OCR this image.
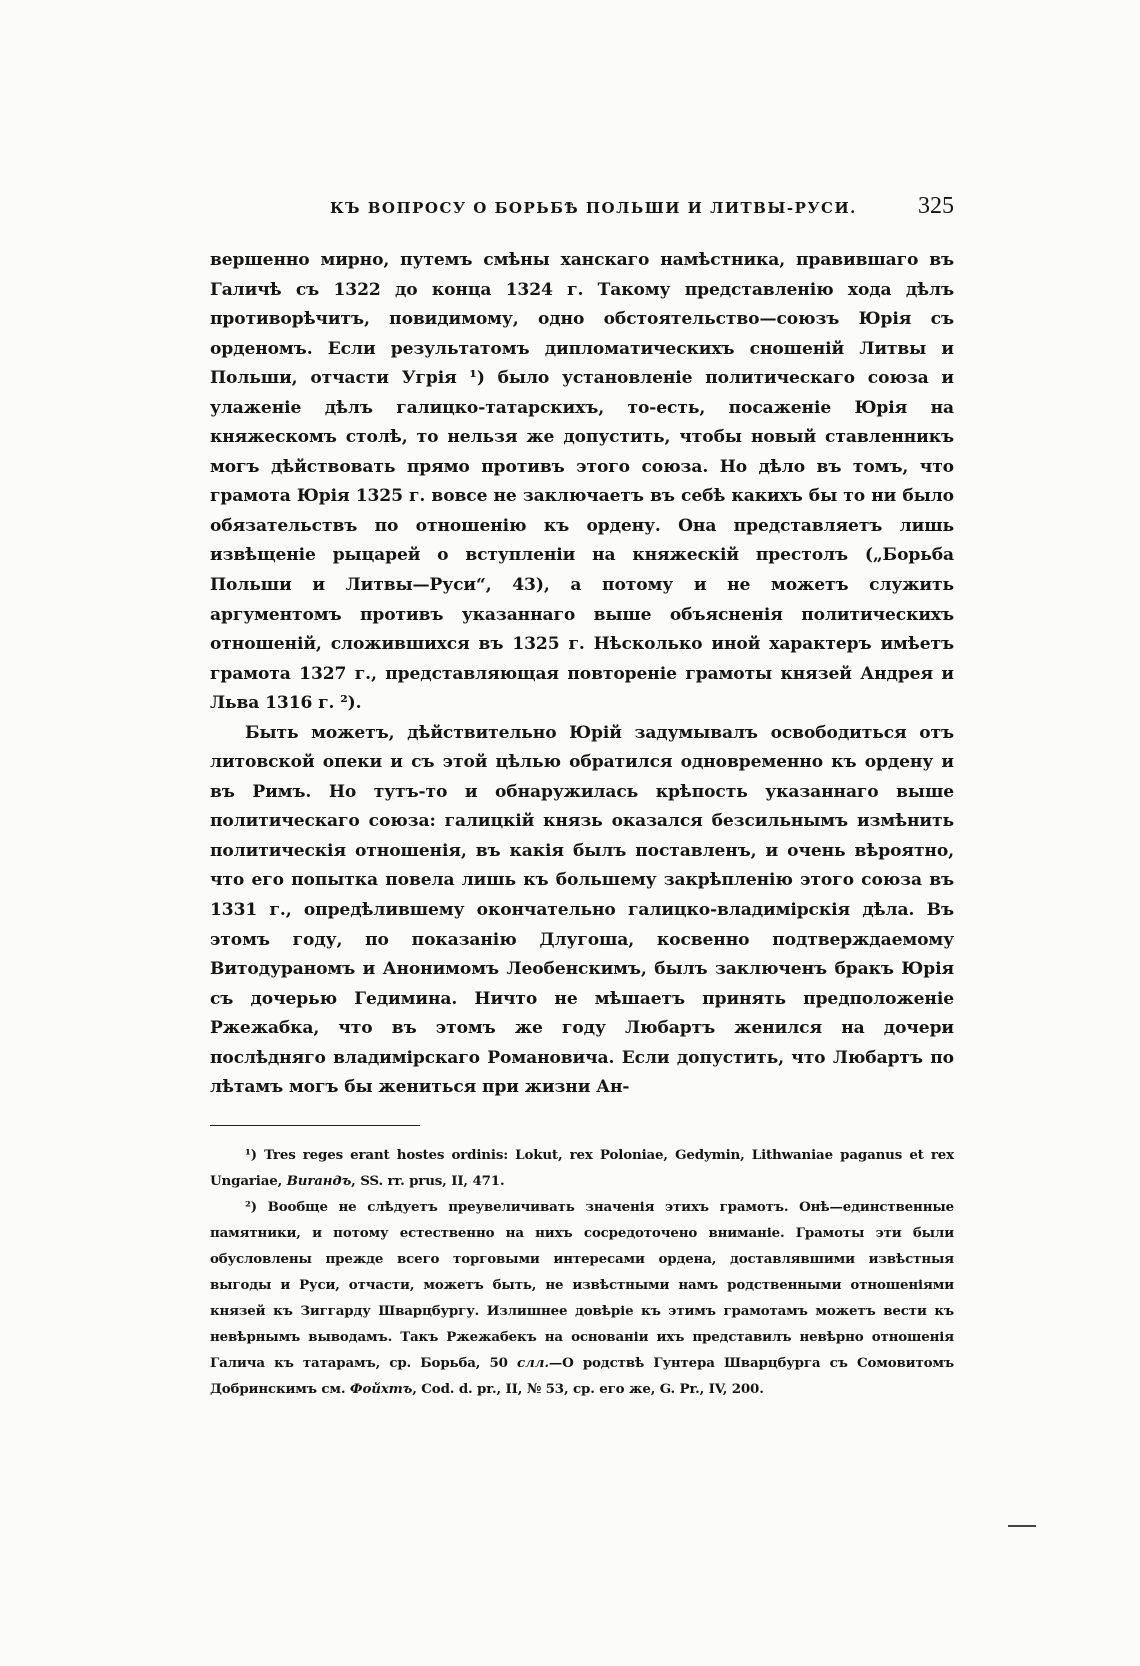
КЪ ВОПРОСУ О БОРЬБѢ ПОЛЬШИ И ЛИТВЫ-РУСИ.	325

вершенно мирно, путемъ смѣны ханскаго намѣстника, правившаго въ Галичѣ съ 1322 до конца 1324 г. Такому представленію хода дѣлъ противорѣчитъ, повидимому, одно обстоятельство—союзъ Юрія съ орденомъ. Если результатомъ дипломатическихъ сношеній Литвы и Польши, отчасти Угрія ¹) было установленіе политическаго союза и улаженіе дѣлъ галицко-татарскихъ, то-есть, посаженіе Юрія на княжескомъ столѣ, то нельзя же допустить, чтобы новый ставленникъ могъ дѣйствовать прямо противъ этого союза. Но дѣло въ томъ, что грамота Юрія 1325 г. вовсе не заключаетъ въ себѣ какихъ бы то ни было обязательствъ по отношенію къ ордену. Она представляетъ лишь извѣщеніе рыцарей о вступленіи на княжескій престолъ („Борьба Польши и Литвы—Руси“, 43), а потому и не можетъ служить аргументомъ противъ указаннаго выше объясненія политическихъ отношеній, сложившихся въ 1325 г. Нѣсколько иной характеръ имѣетъ грамота 1327 г., представляющая повтореніе грамоты князей Андрея и Льва 1316 г. ²).

Быть можетъ, дѣйствительно Юрій задумывалъ освободиться отъ литовской опеки и съ этой цѣлью обратился одновременно къ ордену и въ Римъ. Но тутъ-то и обнаружилась крѣпость указаннаго выше политическаго союза: галицкій князь оказался безсильнымъ измѣнить политическія отношенія, въ какія былъ поставленъ, и очень вѣроятно, что его попытка повела лишь къ большему закрѣпленію этого союза въ 1331 г., опредѣлившему окончательно галицко-владимірскія дѣла. Въ этомъ году, по показанію Длугоша, косвенно подтверждаемому Витодураномъ и Анонимомъ Леобенскимъ, былъ заключенъ бракъ Юрія съ дочерью Гедимина. Ничто не мѣшаетъ принять предположеніе Ржежабка, что въ этомъ же году Любартъ женился на дочери послѣдняго владимірскаго Романовича. Если допустить, что Любартъ по лѣтамъ могъ бы жениться при жизни Ан-

¹) Tres reges erant hostes ordinis: Lokut, rex Poloniae, Gedymin, Lithwaniae paganus et rex Ungariae, Виrандъ, SS. rr. prus, II, 471.

²) Вообще не слѣдуетъ преувеличивать значенія этихъ грамотъ. Онѣ—единственные памятники, и потому естественно на нихъ сосредоточено вниманіе. Грамоты эти были обусловлены прежде всего торговыми интересами ордена, доставлявшими извѣстныя выгоды и Руси, отчасти, можетъ быть, не извѣстными намъ родственными отношеніями князей къ Зиггарду Шварцбургу. Излишнее довѣріе къ этимъ грамотамъ можетъ вести къ невѣрнымъ выводамъ. Такъ Ржежабекъ на основаніи ихъ представилъ невѣрно отношенія Галича къ татарамъ, ср. Борьба, 50 слл.—О родствѣ Гунтера Шварцбурга съ Сомовитомъ Добринскимъ см. Фойхтъ, Cod. d. pr., II, № 53, ср. его же, G. Pr., IV, 200.
